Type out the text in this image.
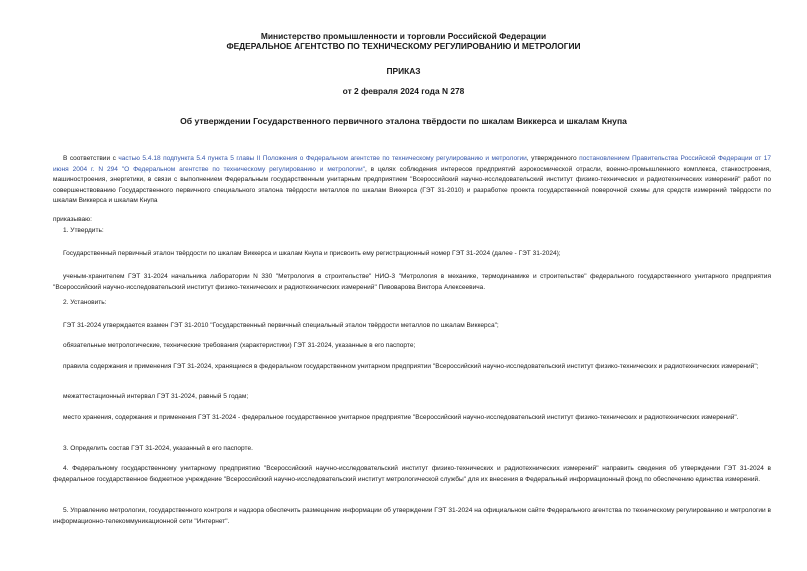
Министерство промышленности и торговли Российской Федерации
ФЕДЕРАЛЬНОЕ АГЕНТСТВО ПО ТЕХНИЧЕСКОМУ РЕГУЛИРОВАНИЮ И МЕТРОЛОГИИ
ПРИКАЗ
от 2 февраля 2024 года N 278
Об утверждении Государственного первичного эталона твёрдости по шкалам Виккерса и шкалам Кнупа

В соответствии с частью 5.4.18 подпункта 5.4 пункта 5 главы II Положения о Федеральном агентстве по техническому регулированию и метрологии, утвержденного постановлением Правительства Российской Федерации от 17 июня 2004 г. N 294 "О Федеральном агентстве по техническому регулированию и метрологии", в целях соблюдения интересов предприятий аэрокосмической отрасли, военно-промышленного комплекса, станкостроения, машиностроения, энергетики, в связи с выполнением Федеральным государственным унитарным предприятием "Всероссийский научно-исследовательский институт физико-технических и радиотехнических измерений" работ по совершенствованию Государственного первичного специального эталона твёрдости металлов по шкалам Виккерса (ГЭТ 31-2010) и разработке проекта государственной поверочной схемы для средств измерений твёрдости по шкалам Виккерса и шкалам Кнупа

приказываю:

1. Утвердить:

Государственный первичный эталон твёрдости по шкалам Виккерса и шкалам Кнупа и присвоить ему регистрационный номер ГЭТ 31-2024 (далее - ГЭТ 31-2024);

ученым-хранителем ГЭТ 31-2024 начальника лаборатории N 330 "Метрология в строительстве" НИО-3 "Метрология в механике, термодинамике и строительстве" федерального государственного унитарного предприятия "Всероссийский научно-исследовательский институт физико-технических и радиотехнических измерений" Пивоварова Виктора Алексеевича.

2. Установить:

ГЭТ 31-2024 утверждается взамен ГЭТ 31-2010 "Государственный первичный специальный эталон твёрдости металлов по шкалам Виккерса";

обязательные метрологические, технические требования (характеристики) ГЭТ 31-2024, указанные в его паспорте;

правила содержания и применения ГЭТ 31-2024, хранящиеся в федеральном государственном унитарном предприятии "Всероссийский научно-исследовательский институт физико-технических и радиотехнических измерений";

межаттестационный интервал ГЭТ 31-2024, равный 5 годам;

место хранения, содержания и применения ГЭТ 31-2024 - федеральное государственное унитарное предприятие "Всероссийский научно-исследовательский институт физико-технических и радиотехнических измерений".

3. Определить состав ГЭТ 31-2024, указанный в его паспорте.

4. Федеральному государственному унитарному предприятию "Всероссийский научно-исследовательский институт физико-технических и радиотехнических измерений" направить сведения об утверждении ГЭТ 31-2024 в федеральное государственное бюджетное учреждение "Всероссийский научно-исследовательский институт метрологической службы" для их внесения в Федеральный информационный фонд по обеспечению единства измерений.

5. Управлению метрологии, государственного контроля и надзора обеспечить размещение информации об утверждении ГЭТ 31-2024 на официальном сайте Федерального агентства по техническому регулированию и метрологии в информационно-телекоммуникационной сети "Интернет".
